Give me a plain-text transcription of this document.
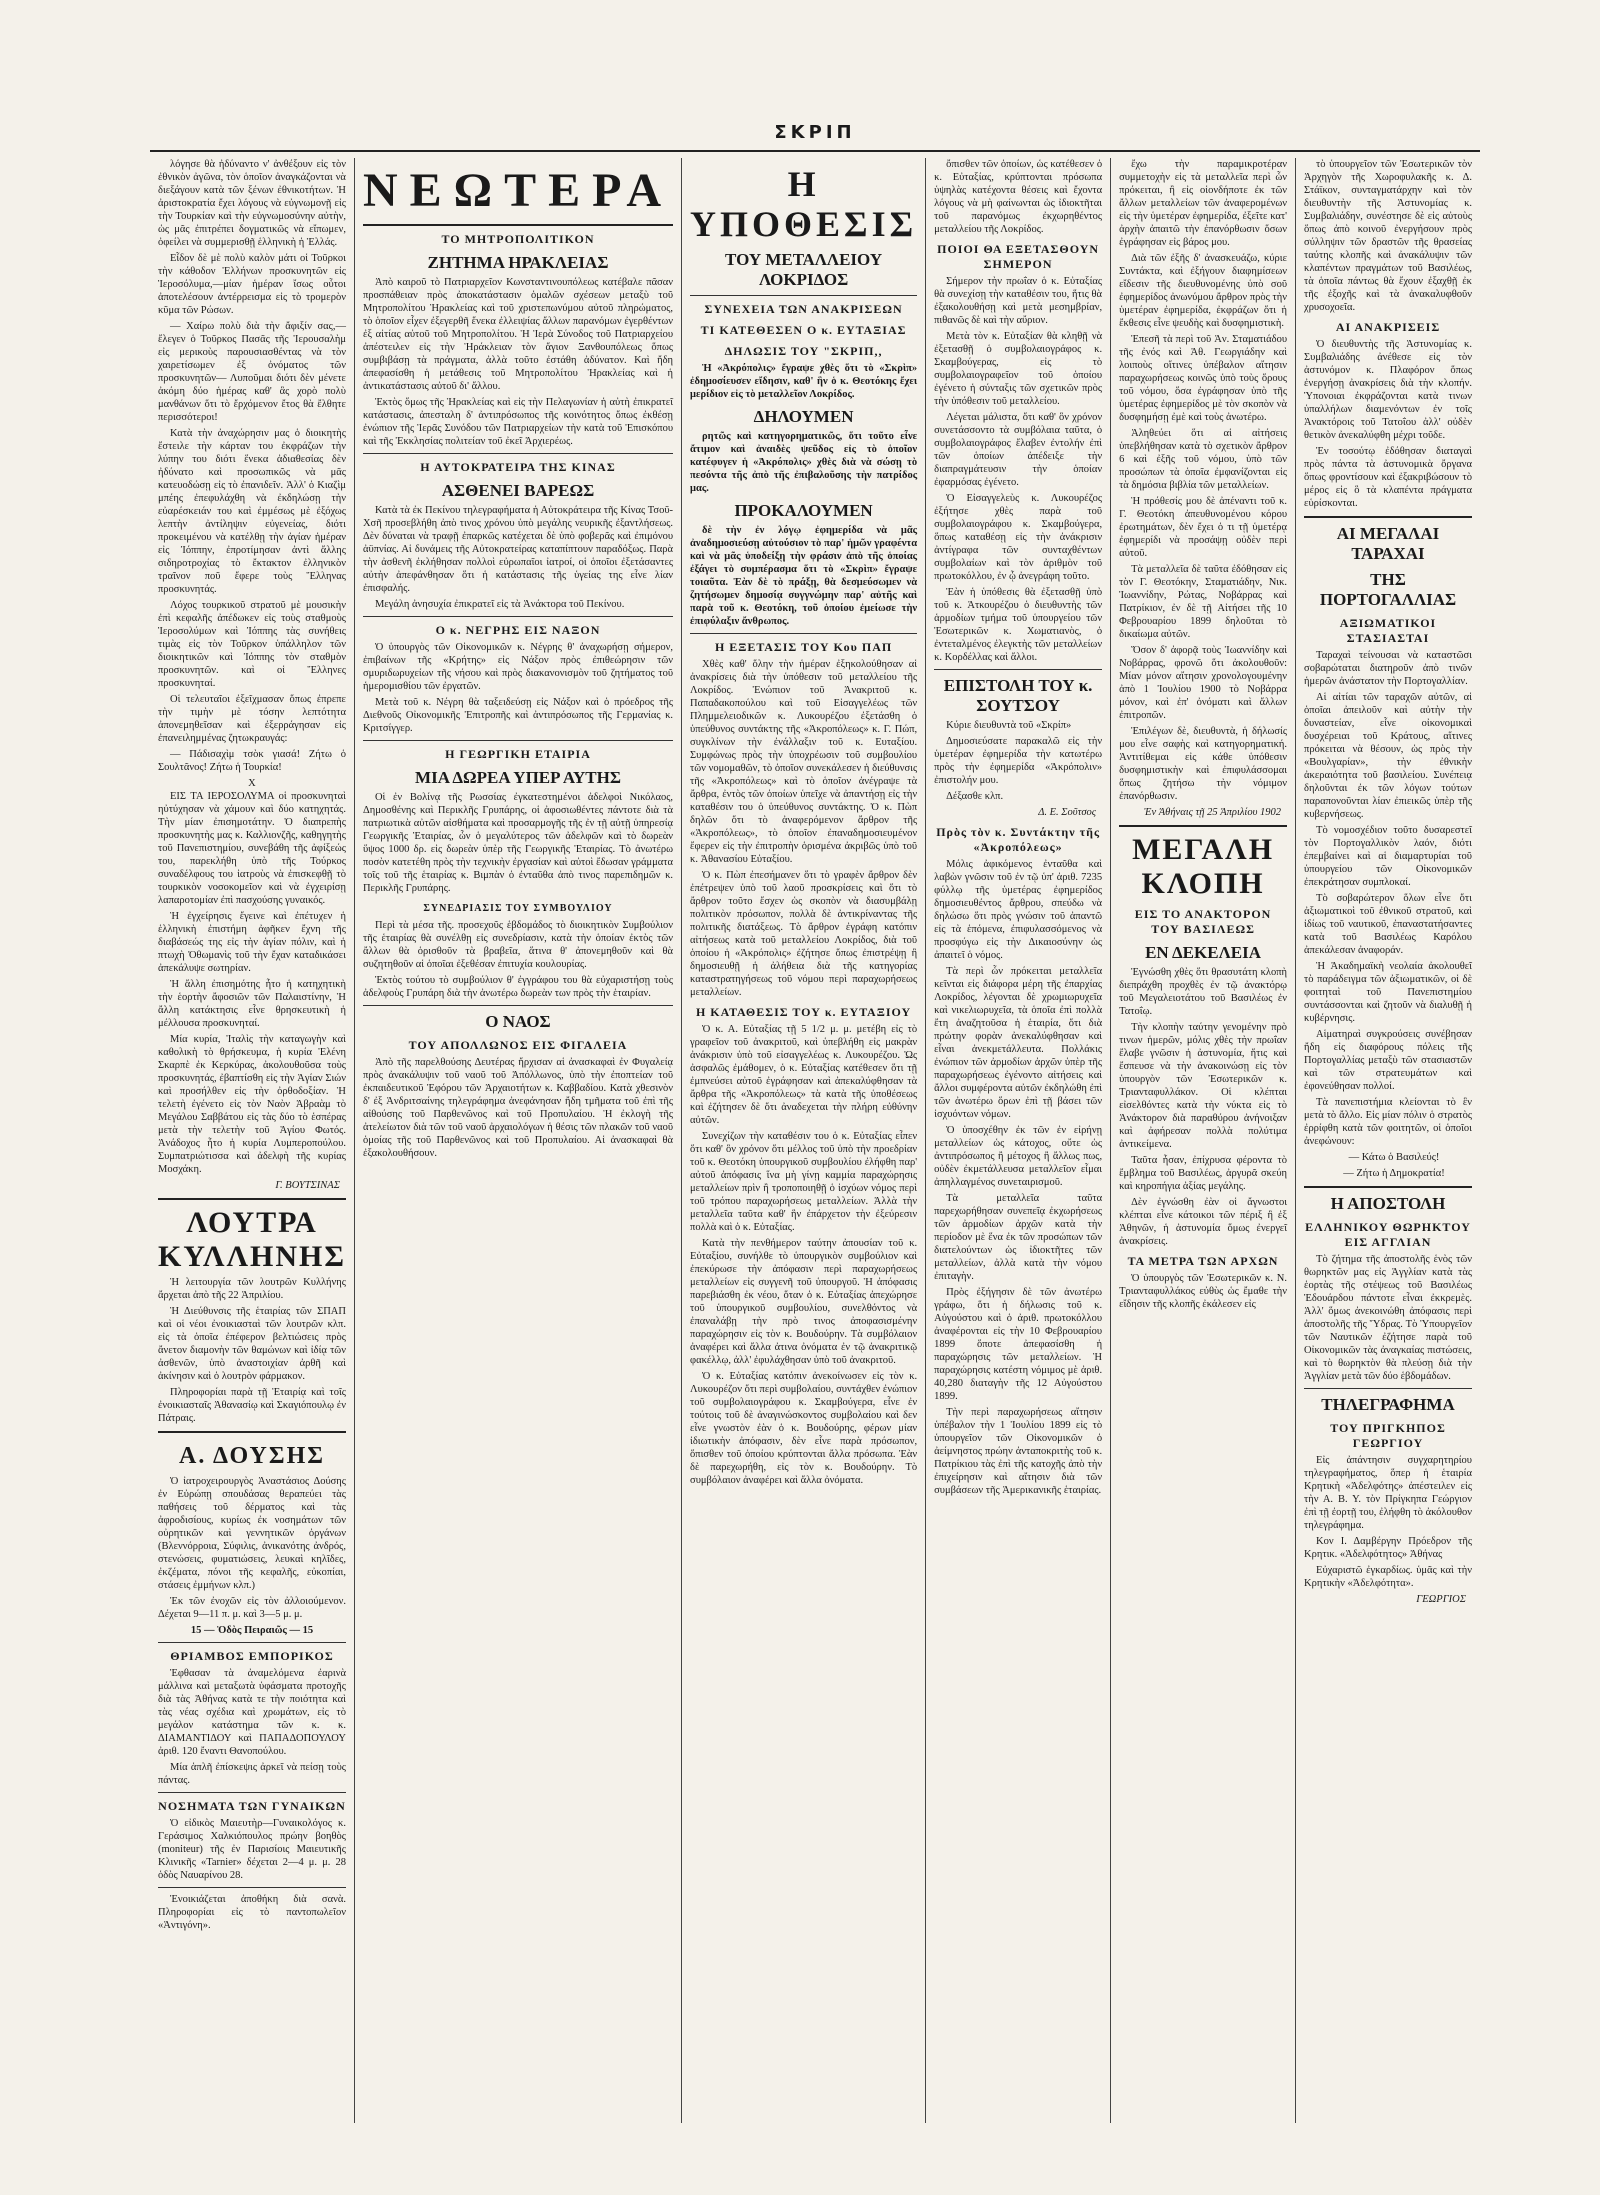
ΣΚΡΙΠ

λόγησε θὰ ἠδύναντο ν' ἀνθέξουν εἰς τὸν ἐθνικὸν ἀγῶνα, τὸν ὁποῖον ἀναγκάζονται νὰ διεξάγουν κατὰ τῶν ξένων ἐθνικοτήτων. Ἡ ἀριστοκρατία ἔχει λόγους νὰ εὐγνωμονῇ εἰς τὴν Τουρκίαν καὶ τὴν εὐγνωμοσύνην αὐτὴν, ὡς μᾶς ἐπιτρέπει δογματικῶς νὰ εἴπωμεν, ὀφείλει νὰ συμμερισθῇ ἑλληνικὴ ἡ Ἑλλάς.

Εἶδον δὲ μὲ πολὺ καλὸν μάτι οἱ Τοῦρκοι τὴν κάθοδον Ἑλλήνων προσκυνητῶν εἰς Ἱεροσόλυμα,—μίαν ἡμέραν ἴσως οὗτοι ἀποτελέσουν ἀντέρρεισμα εἰς τὸ τρομερὸν κῦμα τῶν Ρώσων.

— Χαίρω πολὺ διὰ τὴν ἄφιξίν σας,— ἔλεγεν ὁ Τοῦρκος Πασᾶς τῆς Ἱερουσαλὴμ εἰς μερικοὺς παρουσιασθέντας νὰ τὸν χαιρετίσωμεν ἐξ ὀνόματος τῶν προσκυνητῶν— Λυποῦμαι διότι δὲν μένετε ἀκόμη δύο ἡμέρας καθ' ἃς χορὸ πολὺ μανθάνων ὅτι τὸ ἔρχόμενον ἔτος θὰ ἔλθητε περισσότεροι!

Κατὰ τὴν ἀναχώρησιν μας ὁ διοικητὴς ἔστειλε τὴν κάρταν του ἐκφράζων τὴν λύπην του διότι ἕνεκα ἀδιαθεσίας δὲν ἠδύνατο καὶ προσωπικῶς νὰ μᾶς κατευοδώσῃ εἰς τὸ ἐπανιδεῖν. Ἀλλ' ὁ Κιαζὶμ μπέης ἐπεφυλάχθη νὰ ἐκδηλώσῃ τὴν εὐαρέσκειάν του καὶ ἐμμέσως μὲ ἐξόχως λεπτὴν ἀντίληψιν εὐγενείας, διότι προκειμένου νὰ κατέλθῃ τὴν ἀγίαν ἡμέραν εἰς Ἰόππην, ἐπροτίμησαν ἀντὶ ἄλλης σιδηροτροχίας τὸ ἔκτακτον ἐλληνικὸν τραῖνον ποῦ ἔφερε τοὺς Ἕλληνας προσκυνητάς.

Λόχος τουρκικοῦ στρατοῦ μὲ μουσικὴν ἐπὶ κεφαλῆς ἀπέδωκεν εἰς τοὺς σταθμοὺς Ἱεροσολύμων καὶ Ἰόππης τὰς συνήθεις τιμὰς εἰς τὸν Τοῦρκον ὑπάλληλον τῶν διοικητικῶν καὶ Ἰόππης τὸν σταθμὸν προσκυνητῶν. καὶ οἱ Ἕλληνες προσκυνηταί.

Οἱ τελευταῖοι ἐξεῖχμασαν ὅπως ἐπρεπε τὴν τιμὴν μὲ τόσην λεπτότητα ἀπονεμηθεῖσαν καὶ ἐξερράγησαν εἰς ἐπανειλημμένας ζητωκραυγάς:

— Πάδισαχὶμ τσὸκ γιασά! Ζήτω ὁ Σουλτᾶνος! Ζήτω ἡ Τουρκία!

Χ

ΕΙΣ ΤΑ ΙΕΡΟΣΟΛΥΜΑ οἱ προσκυνηταὶ ηὐτύχησαν νὰ χάμουν καὶ δύο κατηχητάς. Τὴν μίαν ἐπισημοτάτην. Ὁ διαπρεπὴς προσκυνητὴς μας κ. Καλλιονζῆς, καθηγητὴς τοῦ Πανεπιστημίου, συνεβάθη τῆς ἀφίξεώς του, παρεκλήθη ὑπὸ τῆς Τούρκος συναδέλφους του ἰατροὺς νὰ ἐπισκεφθῇ τὸ τουρκικὸν νοσοκομεῖον καὶ νὰ ἐγχειρίσῃ λαπαροτομίαν ἐπὶ πασχούσης γυναικός.

Ἡ ἐγχείρησις ἔγεινε καὶ ἐπέτυχεν ἡ ἑλληνικὴ ἐπιστήμη ἀφῆκεν ἔχνη τῆς διαβάσεώς της εἰς τὴν ἁγίαν πόλιν, καὶ ἡ πτωχὴ Ὀθωμανὶς τοῦ τὴν ἔχαν καταδικάσει ἀπεκάλυψε σωτηρίαν.

Ἡ ἄλλη ἐπισημότης ἦτο ἡ κατηχητικὴ τὴν ἑορτὴν ἄφοσιῶν τῶν Παλαιστίνην, Ἡ ἄλλη κατάκτησις εἶνε θρησκευτικὴ ἡ μέλλουσα προσκυνηταί.

Μία κυρία, Ἰταλὶς τὴν καταγωγὴν καὶ καθολικὴ τὸ θρήσκευμα, ἡ κυρία Ἐλένη Σκαρπὲ ἐκ Κερκύρας, ἀκολουθοῦσα τοὺς προσκυνητάς, ἐβαπτίσθη εἰς τὴν Ἁγίαν Σιών καὶ προσήλθεν εἰς τὴν ὀρθοδοξίαν. Ἡ τελετὴ ἐγένετο εἰς τὸν Ναὸν Ἀβραὰμ τὸ Μεγάλου Σαββάτου εἰς τὰς δύο τὸ ἑσπέρας μετὰ τὴν τελετὴν τοῦ Ἁγίου Φωτός. Ἀνάδοχος ἦτο ἡ κυρία Λυμπεροπούλου. Συμπατριώτισσα καὶ ἀδελφὴ τῆς κυρίας Μοσχάκη.

Γ. ΒΟΥΤΣΙΝΑΣ
ΛΟΥΤΡΑ ΚΥΛΛΗΝΗΣ

Ἡ λειτουργία τῶν λουτρῶν Κυλλήνης ἄρχεται ἀπὸ τῆς 22 Ἀπριλίου.

Ἡ Διεύθυνσις τῆς ἑταιρίας τῶν ΣΠΑΠ καὶ οἱ νέοι ἐνοικιασταὶ τῶν λουτρῶν κλπ. εἰς τὰ ὁποῖα ἐπέφερον βελτιώσεις πρὸς ἄνετον διαμονὴν τῶν θαμώνων καὶ ἰδίᾳ τῶν ἀσθενῶν, ὑπὸ ἀναστοιχίαν ἀρθῆ καὶ ἀκίνησιν καὶ ὁ λουτρὸν φάρμακον.

Πληροφορίαι παρὰ τῇ Ἑταιρίᾳ καὶ τοῖς ἐνοικιασταῖς Ἀθανασίῳ καὶ Σκαγιόπουλῳ ἐν Πάτραις.

Α. ΔΟΥΣΗΣ

Ὁ ἰατροχειρουργὸς Ἀναστάσιος Δούσης ἐν Εὐρώπῃ σπουδάσας θεραπεύει τὰς παθήσεις τοῦ δέρματος καὶ τὰς ἀφροδισίους, κυρίως ἐκ νοσημάτων τῶν οὐρητικῶν καὶ γεννητικῶν ὀργάνων (Βλεννόρροια, Σύφιλις, ἀνικανότης ἀνδρός, στενώσεις, φυματιώσεις, λευκαὶ κηλῖδες, ἐκζέματα, πόνοι τῆς κεφαλῆς, εὐκοπίαι, στάσεις ἐμμήνων κλπ.)

Ἐκ τῶν ἐνοχῶν εἰς τὸν ἀλλοιούμενον. Δέχεται 9—11 π. μ. καὶ 3—5 μ. μ.

15 — Ὁδὸς Πειραιῶς — 15
ΘΡΙΑΜΒΟΣ ΕΜΠΟΡΙΚΟΣ

Ἐφθασαν τὰ ἀναμελόμενα ἐαρινὰ μάλλινα καὶ μεταξωτὰ ὑφάσματα προτοχῆς διὰ τὰς Ἀθήνας κατὰ τε τὴν ποιότητα καὶ τὰς νέας σχέδια καὶ χρωμάτων, εἰς τὸ μεγάλον κατάστημα τῶν κ. κ. ΔΙΑΜΑΝΤΙΔΟΥ καὶ ΠΑΠΑΔΟΠΟΥΛΟΥ ἀριθ. 120 ἔναντι Θανοπούλου.

Μία ἁπλῆ ἐπίσκεψις ἀρκεῖ νὰ πείσῃ τοὺς πάντας.

ΝΟΣΗΜΑΤΑ ΤΩΝ ΓΥΝΑΙΚΩΝ

Ὁ εἰδικὸς Μαιευτὴρ—Γυναικολόγος κ. Γεράσιμος Χαλκιόπουλος πρώην βοηθὸς (moniteur) τῆς ἐν Παρισίοις Μαιευτικῆς Κλινικῆς «Tarnier» δέχεται 2—4 μ. μ. 28 ὁδὸς Ναυαρίνου 28.

Ἐνοικιάζεται ἀποθήκη διὰ σανὰ. Πληροφορίαι εἰς τὸ παντοπωλεῖον «Ἀντιγόνη».

ΝΕΩΤΕΡΑ
ΤΟ ΜΗΤΡΟΠΟΛΙΤΙΚΟΝ
ΖΗΤΗΜΑ ΗΡΑΚΛΕΙΑΣ

Ἀπὸ καιροῦ τὸ Πατριαρχεῖον Κωνσταντινουπόλεως κατέβαλε πᾶσαν προσπάθειαν πρὸς ἀποκατάστασιν ὁμαλῶν σχέσεων μεταξὺ τοῦ Μητροπολίτου Ἡρακλείας καὶ τοῦ χριστεπωνύμου αὐτοῦ πληρώματος, τὸ ὁποῖον εἶχεν ἐξεγερθῆ ἕνεκα ἐλλειψίας ἄλλων παρανόμων ἐγερθέντων ἐξ αἰτίας αὐτοῦ τοῦ Μητροπολίτου. Ἡ Ἱερὰ Σύνοδος τοῦ Πατριαρχείου ἀπέστειλεν εἰς τὴν Ἡράκλειαν τὸν ἅγιον Ξανθουπόλεως ὅπως συμβιβάσῃ τὰ πράγματα, ἀλλὰ τοῦτο ἐστάθη ἀδύνατον. Καὶ ἤδη ἀπεφασίσθη ἡ μετάθεσις τοῦ Μητροπολίτου Ἡρακλείας καὶ ἡ ἀντικατάστασις αὐτοῦ δι' ἄλλου.

Ἐκτὸς ὅμως τῆς Ἡρακλείας καὶ εἰς τὴν Πελαγωνίαν ἡ αὐτὴ ἐπικρατεῖ κατάστασις, ἀπεσταλη δ' ἀντιπρόσωπος τῆς κοινότητος ὅπως ἐκθέσῃ ἐνώπιον τῆς Ἱερᾶς Συνόδου τῶν Πατριαρχείων τὴν κατὰ τοῦ Ἐπισκόπου καὶ τῆς Ἐκκλησίας πολιτείαν τοῦ ἐκεῖ Ἀρχιερέως.

Η ΑΥΤΟΚΡΑΤΕΙΡΑ ΤΗΣ ΚΙΝΑΣ
ΑΣΘΕΝΕΙ ΒΑΡΕΩΣ

Κατὰ τὰ ἐκ Πεκίνου τηλεγραφήματα ἡ Αὐτοκράτειρα τῆς Κίνας Τσοῦ-Χσῆ προσεβλήθη ἀπὸ τινος χρόνου ὑπὸ μεγάλης νευρικῆς ἐξαντλήσεως. Δὲν δύναται νὰ τραφῇ ἐπαρκῶς κατέχεται δὲ ὑπὸ φοβερᾶς καὶ ἐπιμόνου ἀϋπνίας. Αἱ δυνάμεις τῆς Αὐτοκρατείρας καταπίπτουν παραδόξως. Παρὰ τὴν ἀσθενῆ ἐκλήθησαν πολλοὶ εὐρωπαῖοι ἰατροί, οἱ ὁποῖοι ἐξετάσαντες αὐτὴν ἀπεφάνθησαν ὅτι ἡ κατάστασις τῆς ὑγείας της εἶνε λίαν ἐπισφαλής.

Μεγάλη ἀνησυχία ἐπικρατεῖ εἰς τὰ Ἀνάκτορα τοῦ Πεκίνου.

Ο κ. ΝΕΓΡΗΣ ΕΙΣ ΝΑΞΟΝ

Ὁ ὑπουργὸς τῶν Οἰκονομικῶν κ. Νέγρης θ' ἀναχωρήσῃ σήμερον, ἐπιβαίνων τῆς «Κρήτης» εἰς Νάξον πρὸς ἐπιθεώρησιν τῶν σμυριδωρυχείων τῆς νήσου καὶ πρὸς διακανονισμὸν τοῦ ζητήματος τοῦ ἡμερομισθίου τῶν ἐργατῶν.

Μετὰ τοῦ κ. Νέγρη θὰ ταξειδεύσῃ εἰς Νάξον καὶ ὁ πρόεδρος τῆς Διεθνοῦς Οἰκονομικῆς Ἐπιτροπῆς καὶ ἀντιπρόσωπος τῆς Γερμανίας κ. Κριτσίγγερ.

Η ΓΕΩΡΓΙΚΗ ΕΤΑΙΡΙΑ
ΜΙΑ ΔΩΡΕΑ ΥΠΕΡ ΑΥΤΗΣ

Οἱ ἐν Βολίνᾳ τῆς Ρωσσίας ἐγκατεστημένοι ἀδελφοὶ Νικόλαος, Δημοσθένης καὶ Περικλῆς Γρυπάρης, οἱ ἀφοσιωθέντες πάντοτε διὰ τὰ πατριωτικὰ αὐτῶν αἰσθήματα καὶ προσαρμογῆς τῆς ἐν τῇ αὐτῇ ὑπηρεσίᾳ Γεωργικῆς Ἑταιρίας, ὧν ὁ μεγαλύτερος τῶν ἀδελφῶν καὶ τὸ δωρεὰν ὕψος 1000 δρ. εἰς δωρεὰν ὑπὲρ τῆς Γεωργικῆς Ἑταιρίας. Τὸ ἀνωτέρω ποσὸν κατετέθη πρὸς τὴν τεχνικὴν ἐργασίαν καὶ αὐτοὶ ἔδωσαν γράμματα τοῖς τοῦ τῆς ἑταιρίας κ. Βιμπὰν ὁ ἐνταῦθα ἀπὸ τινος παρεπιδημῶν κ. Περικλῆς Γρυπάρης.

ΣΥΝΕΔΡΙΑΣΙΣ ΤΟΥ ΣΥΜΒΟΥΛΙΟΥ

Περὶ τὰ μέσα τῆς. προσεχοῦς ἑβδομάδος τὸ διοικητικὸν Συμβούλιον τῆς ἑταιρίας θὰ συνέλθῃ εἰς συνεδρίασιν, κατὰ τὴν ὁποίαν ἐκτὸς τῶν ἄλλων θὰ ὁρισθοῦν τὰ βραβεῖα, ἅτινα θ' ἀπονεμηθοῦν καὶ θὰ συζητηθοῦν αἱ ὁποῖαι ἐξεθέσαν ἐπιτυχία κουλουρίας.

Ἐκτὸς τούτου τὸ συμβούλιον θ' ἐγγράφου του θὰ εὐχαριστήσῃ τοὺς ἀδελφοὺς Γρυπάρη διὰ τὴν ἀνωτέρω δωρεὰν των πρὸς τὴν ἑταιρίαν.

Ο ΝΑΟΣ
ΤΟΥ ΑΠΟΛΛΩΝΟΣ ΕΙΣ ΦΙΓΑΛΕΙΑ

Ἀπὸ τῆς παρελθούσης Δευτέρας ἤρχισαν αἱ ἀνασκαφαὶ ἐν Φυγαλείᾳ πρὸς ἀνακάλυψιν τοῦ ναοῦ τοῦ Ἀπόλλωνος, ὑπὸ τὴν ἐποπτείαν τοῦ ἐκπαιδευτικοῦ Ἐφόρου τῶν Ἀρχαιοτήτων κ. Καββαδίου. Κατὰ χθεσινὸν δ' ἐξ Ἀνδριτσαίνης τηλεγράφημα ἀνεφάνησαν ἤδη τμῆματα τοῦ ἐπὶ τῆς αἰθούσης τοῦ Παρθενῶνος καὶ τοῦ Προπυλαίου. Ἡ ἐκλογὴ τῆς ἀτελείωτον διὰ τῶν τοῦ ναοῦ ἀρχαιολόγων ἡ θέσις τῶν πλακῶν τοῦ ναοῦ ὁμοίας τῆς τοῦ Παρθενῶνος καὶ τοῦ Προπυλαίου. Αἱ ἀνασκαφαὶ θὰ ἐξακολουθήσουν.

Η ΥΠΟΘΕΣΙΣ
ΤΟΥ ΜΕΤΑΛΛΕΙΟΥ ΛΟΚΡΙΔΟΣ
ΣΥΝΕΧΕΙΑ ΤΩΝ ΑΝΑΚΡΙΣΕΩΝ
ΤΙ ΚΑΤΕΘΕΣΕΝ Ο κ. ΕΥΤΑΞΙΑΣ
ΔΗΛΩΣΙΣ ΤΟΥ "ΣΚΡΙΠ,,

Ἡ «Ἀκρόπολις» ἔγραψε χθὲς ὅτι τὸ «Σκρὶπ» ἐδημοσίευσεν εἴδησιν, καθ' ἣν ὁ κ. Θεοτόκης ἔχει μερίδιον εἰς τὸ μεταλλεῖον Λοκρίδος.

ΔΗΛΟΥΜΕΝ

ρητῶς καὶ κατηγορηματικῶς, ὅτι τοῦτο εἶνε ἄτιμον καὶ ἀναιδὲς ψεῦδος εἰς τὸ ὁποῖον κατέφυγεν ἡ «Ἀκρόπολις» χθὲς διὰ νὰ σώσῃ τὸ πεσόντα τῆς ἀπὸ τῆς ἐπιβαλοῦσης τὴν πατρίδος μας.

ΠΡΟΚΑΛΟΥΜΕΝ

δὲ τὴν ἐν λόγῳ ἐφημερίδα νὰ μᾶς ἀναδημοσιεύσῃ αὐτούσιον τὸ παρ' ἡμῶν γραφέντα καὶ νὰ μᾶς ὑποδείξῃ τὴν φράσιν ἀπὸ τῆς ὁποίας ἐξάγει τὸ συμπέρασμα ὅτι τὸ «Σκρὶπ» ἔγραψε τοιαῦτα. Ἐὰν δὲ τὸ πράξῃ, θὰ δεσμεύσωμεν νὰ ζητήσωμεν δημοσίᾳ συγγνώμην παρ' αὐτῆς καὶ παρὰ τοῦ κ. Θεοτόκη, τοῦ ὁποίου ἐμείωσε τὴν ἐπιφύλαξιν ἄνθρωπος.

Η ΕΞΕΤΑΣΙΣ ΤΟΥ Κου ΠΑΠ

Χθὲς καθ' ὅλην τὴν ἡμέραν ἐξηκολούθησαν αἱ ἀνακρίσεις διὰ τὴν ὑπόθεσιν τοῦ μεταλλείου τῆς Λοκρίδος. Ἐνώπιον τοῦ Ἀνακριτοῦ κ. Παπαδακοπούλου καὶ τοῦ Εἰσαγγελέως τῶν Πλημμελειοδικῶν κ. Λυκουρέζου ἐξετάσθη ὁ ὑπεύθυνος συντάκτης τῆς «Ἀκροπόλεως» κ. Γ. Πώπ, συγκλίνων τὴν ἐνάλλαξιν τοῦ κ. Ευταξίου. Συμφώνως πρὸς τὴν ὑποχρέωσιν τοῦ συμβουλίου τῶν νομομαθῶν, τὸ ὁποῖον συνεκάλεσεν ἡ διεύθυνσις τῆς «Ἀκροπόλεως» καὶ τὸ ὁποῖον ἀνέγραψε τὰ ἄρθρα, ἐντὸς τῶν ὁποίων ὑπεῖχε νὰ ἀπαντήσῃ εἰς τὴν καταθέσιν του ὁ ὑπεύθυνος συντάκτης. Ὁ κ. Πὼπ δηλῶν ὅτι τὸ ἀναφερόμενον ἄρθρον τῆς «Ἀκροπόλεως», τὸ ὁποῖον ἐπαναδημοσιευμένον ἔφερεν εἰς τὴν ἐπιτροπὴν ὁρισμένα ἀκριβῶς ὑπὸ τοῦ κ. Ἀθανασίου Εὐταξίου.

Ὁ κ. Πὼπ ἐπεσήμανεν ὅτι τὸ γραφὲν ἄρθρον δὲν ἐπέτρεψεν ὑπὸ τοῦ λαοῦ προσκρίσεις καὶ ὅτι τὸ ἄρθρον τοῦτο ἔσχεν ὡς σκοπὸν νὰ διασυμβάλῃ πολιτικὸν πρόσωπον, πολλὰ δὲ ἀντικρίναντας τῆς πολιτικῆς διατάξεως. Τὸ ἄρθρον ἐγράφη κατόπιν αἰτήσεως κατὰ τοῦ μεταλλείου Λοκρίδος, διὰ τοῦ ὁποίου ἡ «Ἀκρόπολις» ἐζήτησε ὅπως ἐπιστρέψῃ ἢ δημοσιευθῇ ἡ ἀλήθεια διὰ τῆς κατηγορίας καταστρατηγήσεως τοῦ νόμου περὶ παραχωρήσεως μεταλλείων.

Η ΚΑΤΑΘΕΣΙΣ ΤΟΥ κ. ΕΥΤΑΞΙΟΥ

Ὁ κ. Α. Εὐταξίας τῇ 5 1/2 μ. μ. μετέβη εἰς τὸ γραφεῖον τοῦ ἀνακριτοῦ, καὶ ὑπεβλήθη εἰς μακρὰν ἀνάκρισιν ὑπὸ τοῦ εἰσαγγελέως κ. Λυκουρέζου. Ὡς ἀσφαλῶς ἐμάθομεν, ὁ κ. Εὐταξίας κατέθεσεν ὅτι τῇ ἐμπνεύσει αὐτοῦ ἐγράφησαν καὶ ἀπεκαλύφθησαν τὰ ἄρθρα τῆς «Ἀκροπόλεως» τὰ κατὰ τῆς ὑποθέσεως καὶ ἐζήτησεν δὲ ὅτι ἀναδεχεται τὴν πλήρη εὐθύνην αὐτῶν.

Συνεχίζων τὴν καταθέσιν του ὁ κ. Εὐταξίας εἶπεν ὅτι καθ' ὃν χρόνον ὅτι μέλλος τοῦ ὑπὸ τὴν προεδρίαν τοῦ κ. Θεοτόκη ὑπουργικοῦ συμβουλίου ἐλήφθη παρ' αὐτοῦ ἀπόφασις ἵνα μὴ γίνῃ καμμία παραχώρησις μεταλλείων πρὶν ἢ τροποποιηθῇ ὁ ἰσχύων νόμος περὶ τοῦ τρόπου παραχωρήσεως μεταλλείων. Ἀλλὰ τὴν μεταλλεῖα ταῦτα καθ' ἣν ἐπάρχετον τὴν ἐξεύρεσιν πολλὰ καὶ ὁ κ. Εὐταξίας.

Κατὰ τὴν πενθήμερον ταύτην ἀπουσίαν τοῦ κ. Εὐταξίου, συνήλθε τὸ ὑπουργικὸν συμβούλιον καὶ ἐπεκύρωσε τὴν ἀπόφασιν περὶ παραχωρήσεως μεταλλείων εἰς συγγενῆ τοῦ ὑπουργοῦ. Ἡ ἀπόφασις παρεβιάσθη ἐκ νέου, ὅταν ὁ κ. Εὐταξίας ἀπεχώρησε τοῦ ὑπουργικοῦ συμβουλίου, συνελθόντος νὰ ἐπαναλάβῃ τὴν πρὸ τινος ἀποφασισμένην παραχώρησιν εἰς τὸν κ. Βουδούρην. Τὰ συμβόλαιον ἀναφέρει καὶ ἄλλα ἀτινα ὀνόματα ἐν τῷ ἀνακριτικῷ φακέλλῳ, ἀλλ' ἐφυλάχθησαν ὑπὸ τοῦ ἀνακριτοῦ.

Ὁ κ. Εὐταξίας κατόπιν ἀνεκοίνωσεν εἰς τὸν κ. Λυκουρέζον ὅτι περὶ συμβολαίου, συντάχθεν ἐνώπιον τοῦ συμβολαιογράφου κ. Σκαμβούγερα, εἶνε ἐν τούτοις τοῦ δὲ ἀναγινώσκοντος συμβολαίου καὶ δεν εἶνε γνωστὸν ἐὰν ὁ κ. Βουδούρης, φέρων μίαν ἰδιωτικὴν ἀπόφασιν, δὲν εἶνε παρὰ πρόσωπον, ὅπισθεν τοῦ ὁποίου κρύπτονται ἄλλα πρόσωπα. Ἐὰν δὲ παρεχωρήθη, εἰς τὸν κ. Βουδούρην. Τὸ συμβόλαιον ἀναφέρει καὶ ἄλλα ὀνόματα.

ὄπισθεν τῶν ὁποίων, ὡς κατέθεσεν ὁ κ. Εὐταξίας, κρύπτονται πρόσωπα ὑψηλὰς κατέχοντα θέσεις καὶ ἔχοντα λόγους νὰ μὴ φαίνωνται ὡς ἰδιοκτῆται τοῦ παρανόμως ἐκχωρηθέντος μεταλλείου τῆς Λοκρίδος.

ΠΟΙΟΙ ΘΑ ΕΞΕΤΑΣΘΟΥΝ ΣΗΜΕΡΟΝ

Σήμερον τὴν πρωΐαν ὁ κ. Εὐταξίας θὰ συνεχίσῃ τὴν καταθέσιν του, ἥτις θὰ ἐξακολουθήσῃ καὶ μετὰ μεσημβρίαν, πιθανῶς δὲ καὶ τὴν αὔριον.

Μετὰ τὸν κ. Εὐταξίαν θὰ κληθῇ νὰ ἐξετασθῇ ὁ συμβολαιογράφος κ. Σκαμβούγερας, εἰς τὸ συμβολαιογραφεῖον τοῦ ὁποίου ἐγένετο ἡ σύνταξις τῶν σχετικῶν πρὸς τὴν ὑπόθεσιν τοῦ μεταλλείου.

Λέγεται μάλιστα, ὅτι καθ' ὃν χρόνον συνετάσσοντο τὰ συμβόλαια ταῦτα, ὁ συμβολαιογράφος ἔλαβεν ἐντολήν ἐπὶ τῶν ὁποίων ἀπέδειξε τὴν διαπραγμάτευσιν τὴν ὁποίαν ἐφαρμόσας ἐγένετο.

Ὁ Εἰσαγγελεὺς κ. Λυκουρέζος ἐξήτησε χθὲς παρὰ τοῦ συμβολαιογράφου κ. Σκαμβούγερα, ὅπως καταθέσῃ εἰς τὴν ἀνάκρισιν ἀντίγραφα τῶν συνταχθέντων συμβολαίων καὶ τὸν ἀριθμὸν τοῦ πρωτοκόλλου, ἐν ᾧ ἀνεγράφη τοῦτο.

Ἐὰν ἡ ὑπόθεσις θὰ ἐξετασθῇ ὑπὸ τοῦ κ. Ἀτκουρέζου ὁ διευθυντὴς τῶν ἁρμοδίων τμήμα τοῦ ὑπουργείου τῶν Ἐσωτερικῶν κ. Χωματιανὸς, ὁ ἐντεταλμένος ἐλεγκτὴς τῶν μεταλλείων κ. Κορδέλλας καὶ ἄλλοι.

ΕΠΙΣΤΟΛΗ ΤΟΥ κ. ΣΟΥΤΣΟΥ

Κύριε διευθυντὰ τοῦ «Σκρίπ»

Δημοσιεύσατε παρακαλῶ εἰς τὴν ὑμετέραν ἐφημερίδα τὴν κατωτέρω πρὸς τὴν ἐφημερίδα «Ἀκρόπολιν» ἐπιστολήν μου.

Δέξασθε κλπ.

Δ. Ε. Σοῦτσος
Πρὸς τὸν κ. Συντάκτην τῆς «Ἀκροπόλεως»

Μόλις ἀφικόμενος ἐνταῦθα καὶ λαβὼν γνῶσιν τοῦ ἐν τῷ ὑπ' ἀριθ. 7235 φύλλῳ τῆς ὑμετέρας ἐφημερίδος δημοσιευθέντος ἄρθρου, σπεύδω νὰ δηλώσω ὅτι πρὸς γνώσιν τοῦ ἀπαντῶ εἰς τὰ ἑπόμενα, ἐπιφυλασσόμενος νὰ προσφύγω εἰς τὴν Δικαιοσύνην ὡς ἀπαιτεῖ ὁ νόμος.

Τὰ περὶ ὧν πρόκειται μεταλλεῖα κεῖνται εἰς διάφορα μέρη τῆς ἐπαρχίας Λοκρίδος, λέγονται δὲ χρωμιωρυχεῖα καὶ νικελιωρυχεῖα, τὰ ὁποῖα ἐπὶ πολλὰ ἔτη ἀναζητοῦσα ἡ ἑταιρία, ὅτι διὰ πρώτην φορὰν ἀνεκαλύφθησαν καὶ εἶναι ἀνεκμετάλλευτα. Πολλάκις ἐνώπιον τῶν ἀρμοδίων ἀρχῶν ὑπὲρ τῆς παραχωρήσεως ἐγένοντο αἰτήσεις καὶ ἄλλοι συμφέροντα αὐτῶν ἐκδηλώθη ἐπὶ τῶν ἀνωτέρω ὅρων ἐπὶ τῇ βάσει τῶν ἰσχυόντων νόμων.

Ὁ ὑποσχέθην ἐκ τῶν ἐν εἰρήνῃ μεταλλείων ὡς κάτοχος, οὔτε ὡς ἀντιπρόσωπος ἢ μέτοχος ἢ ἄλλως πως, οὐδὲν ἐκμετάλλευσα μεταλλεῖον εἶμαι ἀπηλλαγμένος συνεταιρισμοῦ.

Τὰ μεταλλεῖα ταῦτα παρεχωρήθησαν συνεπεῖᾳ ἐκχωρήσεως τῶν ἀρμοδίων ἀρχῶν κατὰ τὴν περίοδον μὲ ἕνα ἐκ τῶν προσώπων τῶν διατελούντων ὡς ἰδιοκτῆτες τῶν μεταλλείων, ἀλλὰ κατὰ τὴν νόμου ἐπιταγὴν.

Πρὸς ἐξήγησιν δὲ τῶν ἀνωτέρω γράφω, ὅτι ἡ δήλωσις τοῦ κ. Αὐγούστου καὶ ὁ ἀριθ. πρωτοκόλλου ἀναφέρονται εἰς τὴν 10 Φεβρουαρίου 1899 ὅποτε ἀπεφασίσθη ἡ παραχώρησις τῶν μεταλλείων. Ἡ παραχώρησις κατέστη νόμιμος μὲ ἀριθ. 40,280 διαταγὴν τῆς 12 Αὐγούστου 1899.

Τὴν περὶ παραχωρήσεως αἴτησιν ὑπέβαλον τὴν 1 Ἰουλίου 1899 εἰς τὸ ὑπουργεῖον τῶν Οἰκονομικῶν ὁ ἀείμνηστος πρώην ἀνταποκριτὴς τοῦ κ. Πατρίκιου τὰς ἐπὶ τῆς κατοχῆς ἀπὸ τὴν ἐπιχείρησιν καὶ αἴτησιν διὰ τῶν συμβάσεων τῆς Ἀμερικανικῆς ἑταιρίας.

ἔχω τὴν παραμικροτέραν συμμετοχὴν εἰς τὰ μεταλλεῖα περὶ ὧν πρόκειται, ἢ εἰς οἱονδήποτε ἐκ τῶν ἄλλων μεταλλείων τῶν ἀναφερομένων εἰς τὴν ὑμετέραν ἐφημερίδα, ἐξεῖτε κατ' ἀρχὴν ἀπαιτῶ τὴν ἐπανόρθωσιν ὅσων ἐγράφησαν εἰς βάρος μου.

Διὰ τῶν ἐξῆς δ' ἀνασκευάζω, κύριε Συντάκτα, καὶ ἐξήγουν διαφημίσεων εἴδεσιν τῆς διευθυνομένης ὑπὸ σοῦ ἐφημερίδος ἀνωνύμου ἄρθρον πρὸς τὴν ὑμετέραν ἐφημερίδα, ἐκφράζων ὅτι ἡ ἔκθεσις εἶνε ψευδὴς καὶ δυσφημιστικὴ.

Ἐπεσῆ τὰ περὶ τοῦ Ἀν. Σταματιάδου τῆς ἐνός καὶ Ἀθ. Γεωργιάδην καὶ λοιποὺς οἵτινες ὑπέβαλον αἴτησιν παραχωρήσεως κοινῶς ὑπὸ τοὺς ὅρους τοῦ νόμου, ὅσα ἐγράφησαν ὑπὸ τῆς ὑμετέρας ἐφημερίδος μὲ τὸν σκοπὸν νὰ δυσφημήσῃ ἐμὲ καὶ τοὺς ἀνωτέρω.

Ἀληθεύει ὅτι αἱ αἰτήσεις ὑπεβλήθησαν κατὰ τὸ σχετικὸν ἄρθρον 6 καὶ ἐξῆς τοῦ νόμου, ὑπὸ τῶν προσώπων τὰ ὁποῖα ἐμφανίζονται εἰς τὰ δημόσια βιβλία τῶν μεταλλείων.

Ἡ πρόθεσίς μου δὲ ἀπέναντι τοῦ κ. Γ. Θεοτόκη ἀπευθυνομένου κόρου ἐρωτημάτων, δὲν ἔχει ὁ τι τῇ ὑμετέρᾳ ἐφημερίδι νὰ προσάψῃ οὐδὲν περὶ αὐτοῦ.

Τὰ μεταλλεῖα δὲ ταῦτα ἐδόθησαν εἰς τὸν Γ. Θεοτόκην, Σταματιάδην, Νικ. Ἰωαννίδην, Ρώτας, Νοβάρρας καὶ Πατρίκιον, ἐν δὲ τῇ Αἰτήσει τῆς 10 Φεβρουαρίου 1899 δηλοῦται τὸ δικαίωμα αὐτῶν.

Ὅσον δ' ἀφορᾷ τοὺς Ἰωαννίδην καὶ Νοβάρρας, φρονῶ ὅτι ἀκολουθοῦν: Μίαν μόνον αἴτησιν χρονολογουμένην ἀπὸ 1 Ἰουλίου 1900 τὸ Νοβάρρα μόνον, καὶ ἐπ' ὀνόματι καὶ ἄλλων ἐπιτροπῶν.

Ἐπιλέγων δὲ, διευθυντὰ, ἡ δήλωσίς μου εἶνε σαφὴς καὶ κατηγορηματική. Ἀντιτίθεμαι εἰς κάθε ὑπόθεσιν δυσφημιστικὴν καὶ ἐπιφυλάσσομαι ὅπως ζητήσω τὴν νόμιμον ἐπανόρθωσιν.

Ἐν Ἀθήναις τῇ 25 Ἀπριλίου 1902
ΜΕΓΑΛΗ ΚΛΟΠΗ
ΕΙΣ ΤΟ ΑΝΑΚΤΟΡΟΝ ΤΟΥ ΒΑΣΙΛΕΩΣ
ΕΝ ΔΕΚΕΛΕΙΑ

Ἐγνώσθη χθὲς ὅτι θρασυτάτη κλοπὴ διεπράχθη προχθὲς ἐν τῷ ἀνακτόρῳ τοῦ Μεγαλειοτάτου τοῦ Βασιλέως ἐν Τατοΐῳ.

Τὴν κλοπὴν ταύτην γενομένην πρὸ τινων ἡμερῶν, μόλις χθὲς τὴν πρωΐαν ἔλαβε γνῶσιν ἡ ἀστυνομία, ἥτις καὶ ἔσπευσε νὰ τὴν ἀνακοινώσῃ εἰς τὸν ὑπουργὸν τῶν Ἐσωτερικῶν κ. Τριανταφυλλάκον. Οἱ κλέπται εἰσελθόντες κατὰ τὴν νύκτα εἰς τὸ Ἀνάκτορον διὰ παραθύρου ἀνήνοιξαν καὶ ἀφήρεσαν πολλὰ πολύτιμα ἀντικείμενα.

Ταῦτα ἦσαν, ἐπίχρυσα φέροντα τὸ ἔμβλημα τοῦ Βασιλέως, ἀργυρᾶ σκεύη καὶ κηροπήγια ἀξίας μεγάλης.

Δὲν ἐγνώσθη ἐὰν οἱ ἄγνωστοι κλέπται εἶνε κάτοικοι τῶν πέριξ ἢ ἐξ Ἀθηνῶν, ἡ ἀστυνομία ὅμως ἐνεργεῖ ἀνακρίσεις.

ΤΑ ΜΕΤΡΑ ΤΩΝ ΑΡΧΩΝ

Ὁ ὑπουργὸς τῶν Ἐσωτερικῶν κ. Ν. Τριανταφυλλάκος εὐθὺς ὡς ἔμαθε τὴν εἴδησιν τῆς κλοπῆς ἐκάλεσεν εἰς

τὸ ὑπουργεῖον τῶν Ἐσωτερικῶν τὸν Ἀρχηγὸν τῆς Χωροφυλακῆς κ. Δ. Στάϊκον, συνταγματάρχην καὶ τὸν διευθυντὴν τῆς Ἀστυνομίας κ. Συμβαλιάδην, συνέστησε δὲ εἰς αὐτοὺς ὅπως ἀπὸ κοινοῦ ἐνεργήσουν πρὸς σύλληψιν τῶν δραστῶν τῆς θρασείας ταύτης κλοπῆς καὶ ἀνακάλυψιν τῶν κλαπέντων πραγμάτων τοῦ Βασιλέως, τὰ ὁποῖα πάντως θὰ ἔχουν ἐξαχθῇ ἐκ τῆς ἐξοχῆς καὶ τὰ ἀνακαλυφθοῦν χρυσοχοεῖα.

ΑΙ ΑΝΑΚΡΙΣΕΙΣ

Ὁ διευθυντὴς τῆς Ἀστυνομίας κ. Συμβαλιάδης ἀνέθεσε εἰς τὸν ἀστυνόμον κ. Πλαφόρον ὅπως ἐνεργήσῃ ἀνακρίσεις διὰ τὴν κλοπήν. Ὑπονοιαι ἐκφράζονται κατὰ τινων ὑπαλλήλων διαμενόντων ἐν τοῖς Ἀνακτόροις τοῦ Τατοΐου ἀλλ' οὐδὲν θετικὸν ἀνεκαλύφθη μέχρι τοῦδε.

Ἐν τοσούτῳ ἐδόθησαν διαταγαὶ πρὸς πάντα τὰ ἀστυνομικὰ ὄργανα ὅπως φροντίσουν καὶ ἐξακριβώσουν τὸ μέρος εἰς ὃ τὰ κλαπέντα πράγματα εὑρίσκονται.

ΑΙ ΜΕΓΑΛΑΙ ΤΑΡΑΧΑΙ
ΤΗΣ ΠΟΡΤΟΓΑΛΛΙΑΣ
ΑΞΙΩΜΑΤΙΚΟΙ ΣΤΑΣΙΑΣΤΑΙ

Ταραχαὶ τείνουσαι νὰ καταστῶσι σοβαρώταται διατηροῦν ἀπὸ τινῶν ἡμερῶν ἀνάστατον τὴν Πορτογαλλίαν.

Αἱ αἰτίαι τῶν ταραχῶν αὐτῶν, αἱ ὁποῖαι ἀπειλοῦν καὶ αὐτὴν τὴν δυναστείαν, εἶνε οἰκονομικαὶ δυσχέρειαι τοῦ Κράτους, αἵτινες πρόκειται νὰ θέσουν, ὡς πρὸς τὴν «Βουλγαρίαν», τὴν ἐθνικὴν ἀκεραιότητα τοῦ βασιλείου. Συνέπειᾳ δηλοῦνται ἐκ τῶν λόγων τούτων παραπονοῦνται λίαν ἐπιεικῶς ὑπὲρ τῆς κυβερνήσεως.

Τὸ νομοσχέδιον τοῦτο δυσαρεστεῖ τὸν Πορτογαλλικὸν λαόν, διότι ἐπεμβαίνει καὶ αἱ διαμαρτυρίαι τοῦ ὑπουργείου τῶν Οἰκονομικῶν ἐπεκράτησαν συμπλοκαί.

Τὸ σοβαρώτερον ὅλων εἶνε ὅτι ἀξιωματικοὶ τοῦ ἐθνικοῦ στρατοῦ, καὶ ἰδίως τοῦ ναυτικοῦ, ἐπαναστατήσαντες κατὰ τοῦ Βασιλέως Καρόλου ἀπεκάλεσαν ἀναφοράν.

Ἡ Ἀκαδημαϊκὴ νεολαία ἀκολουθεῖ τὸ παράδειγμα τῶν ἀξιωματικῶν, οἱ δὲ φοιτηταὶ τοῦ Πανεπιστημίου συντάσσονται καὶ ζητοῦν νὰ διαλυθῇ ἡ κυβέρνησις.

Αἱματηραὶ συγκρούσεις συνέβησαν ἤδη εἰς διαφόρους πόλεις τῆς Πορτογαλλίας μεταξὺ τῶν στασιαστῶν καὶ τῶν στρατευμάτων καὶ ἐφονεύθησαν πολλοί.

Τὰ πανεπιστήμια κλείονται τὸ ἓν μετὰ τὸ ἄλλο. Εἰς μίαν πόλιν ὁ στρατὸς ἐρρίφθη κατὰ τῶν φοιτητῶν, οἱ ὁποῖοι ἀνεφώνουν:

— Κάτω ὁ Βασιλεύς!

— Ζήτω ἡ Δημοκρατία!

Η ΑΠΟΣΤΟΛΗ
ΕΛΛΗΝΙΚΟΥ ΘΩΡΗΚΤΟΥ ΕΙΣ ΑΓΓΛΙΑΝ

Τὸ ζήτημα τῆς ἀποστολῆς ἑνὸς τῶν θωρηκτῶν μας εἰς Ἀγγλίαν κατὰ τὰς ἑορτὰς τῆς στέψεως τοῦ Βασιλέως Ἐδουάρδου πάντοτε εἶναι ἐκκρεμὲς. Ἀλλ' ὅμως ἀνεκοινώθη ἀπόφασις περὶ ἀποστολῆς τῆς Ὕδρας. Τὸ Ὑπουργεῖον τῶν Ναυτικῶν ἐζήτησε παρὰ τοῦ Οἰκονομικῶν τὰς ἀναγκαίας πιστώσεις, καὶ τὸ θωρηκτὸν θὰ πλεύσῃ διὰ τὴν Ἀγγλίαν μετὰ τῶν δύο ἑβδομάδων.

ΤΗΛΕΓΡΑΦΗΜΑ
ΤΟΥ ΠΡΙΓΚΗΠΟΣ ΓΕΩΡΓΙΟΥ

Εἰς ἀπάντησιν συγχαρητηρίου τηλεγραφήματος, ὅπερ ἡ ἑταιρία Κρητικὴ «Ἀδελφότης» ἀπέστειλεν εἰς τὴν Α. Β. Υ. τὸν Πρίγκηπα Γεώργιον ἐπὶ τῇ ἐορτῇ του, ἐλήφθη τὸ ἀκόλουθον τηλεγράφημα.

Κον Ι. Δαμβέργην Πρόεδρον τῆς Κρητικ. «Ἀδελφότητος» Ἀθήνας

Εὐχαριστῶ ἐγκαρδίως. ὑμᾶς καὶ τὴν Κρητικὴν «Ἀδελφότητα».

ΓΕΩΡΓΙΟΣ
